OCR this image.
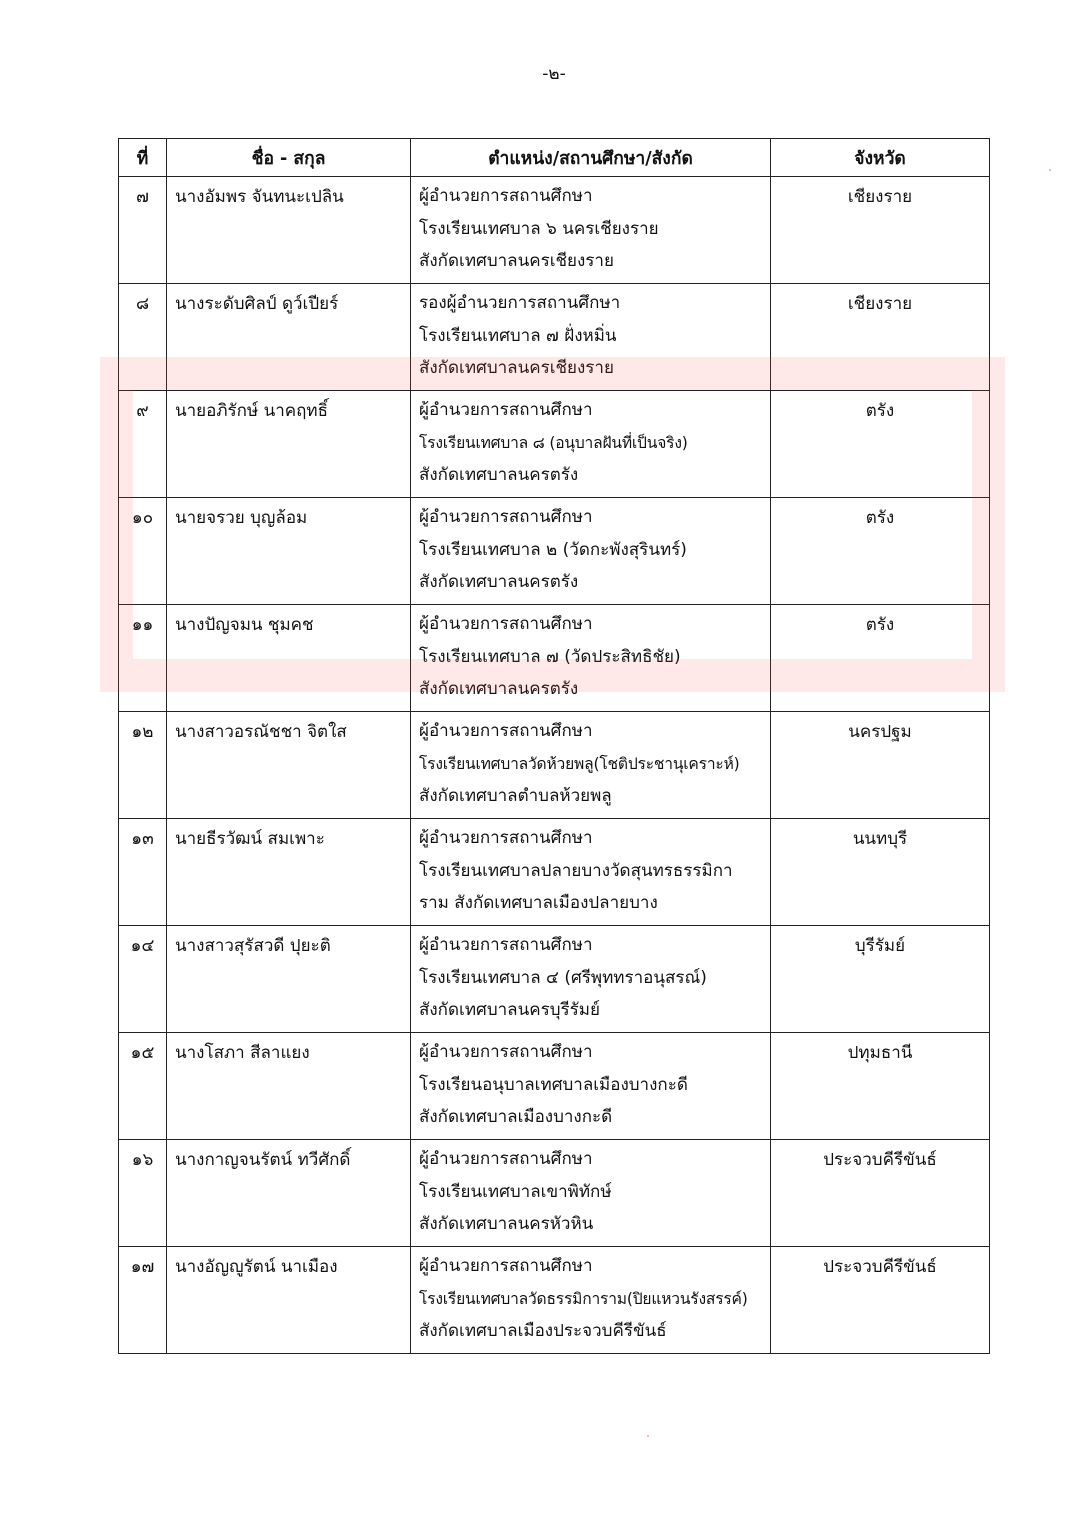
-๒-
ที่	ชื่อ - สกุล	ตำแหน่ง/สถานศึกษา/สังกัด	จังหวัด

๗	นางอัมพร จันทนะเปลิน	ผู้อำนวยการสถานศึกษา
โรงเรียนเทศบาล ๖ นครเชียงราย
สังกัดเทศบาลนครเชียงราย	เชียงราย

๘	นางระดับศิลป์ ดูว์เปียร์	รองผู้อำนวยการสถานศึกษา
โรงเรียนเทศบาล ๗ ฝั่งหมิ่น
สังกัดเทศบาลนครเชียงราย	เชียงราย

๙	นายอภิรักษ์ นาคฤทธิ์	ผู้อำนวยการสถานศึกษา
โรงเรียนเทศบาล ๘ (อนุบาลฝันที่เป็นจริง)
สังกัดเทศบาลนครตรัง	ตรัง

๑๐	นายจรวย บุญล้อม	ผู้อำนวยการสถานศึกษา
โรงเรียนเทศบาล ๒ (วัดกะพังสุรินทร์)
สังกัดเทศบาลนครตรัง	ตรัง

๑๑	นางปัญจมน ชุมคช	ผู้อำนวยการสถานศึกษา
โรงเรียนเทศบาล ๗ (วัดประสิทธิชัย)
สังกัดเทศบาลนครตรัง	ตรัง

๑๒	นางสาวอรณัชชา จิตใส	ผู้อำนวยการสถานศึกษา
โรงเรียนเทศบาลวัดห้วยพลู(โชติประชานุเคราะห์)
สังกัดเทศบาลตำบลห้วยพลู	นครปฐม

๑๓	นายธีรวัฒน์ สมเพาะ	ผู้อำนวยการสถานศึกษา
โรงเรียนเทศบาลปลายบางวัดสุนทรธรรมิกา
ราม สังกัดเทศบาลเมืองปลายบาง	นนทบุรี

๑๔	นางสาวสุรัสวดี ปุยะติ	ผู้อำนวยการสถานศึกษา
โรงเรียนเทศบาล ๔ (ศรีพุททราอนุสรณ์)
สังกัดเทศบาลนครบุรีรัมย์	บุรีรัมย์

๑๕	นางโสภา สีลาแยง	ผู้อำนวยการสถานศึกษา
โรงเรียนอนุบาลเทศบาลเมืองบางกะดี
สังกัดเทศบาลเมืองบางกะดี	ปทุมธานี

๑๖	นางกาญจนรัตน์ ทวีศักดิ์	ผู้อำนวยการสถานศึกษา
โรงเรียนเทศบาลเขาพิทักษ์
สังกัดเทศบาลนครหัวหิน	ประจวบคีรีขันธ์

๑๗	นางอัญญูรัตน์ นาเมือง	ผู้อำนวยการสถานศึกษา
โรงเรียนเทศบาลวัดธรรมิการาม(ปิยแหวนรังสรรค์)
สังกัดเทศบาลเมืองประจวบคีรีขันธ์	ประจวบคีรีขันธ์
